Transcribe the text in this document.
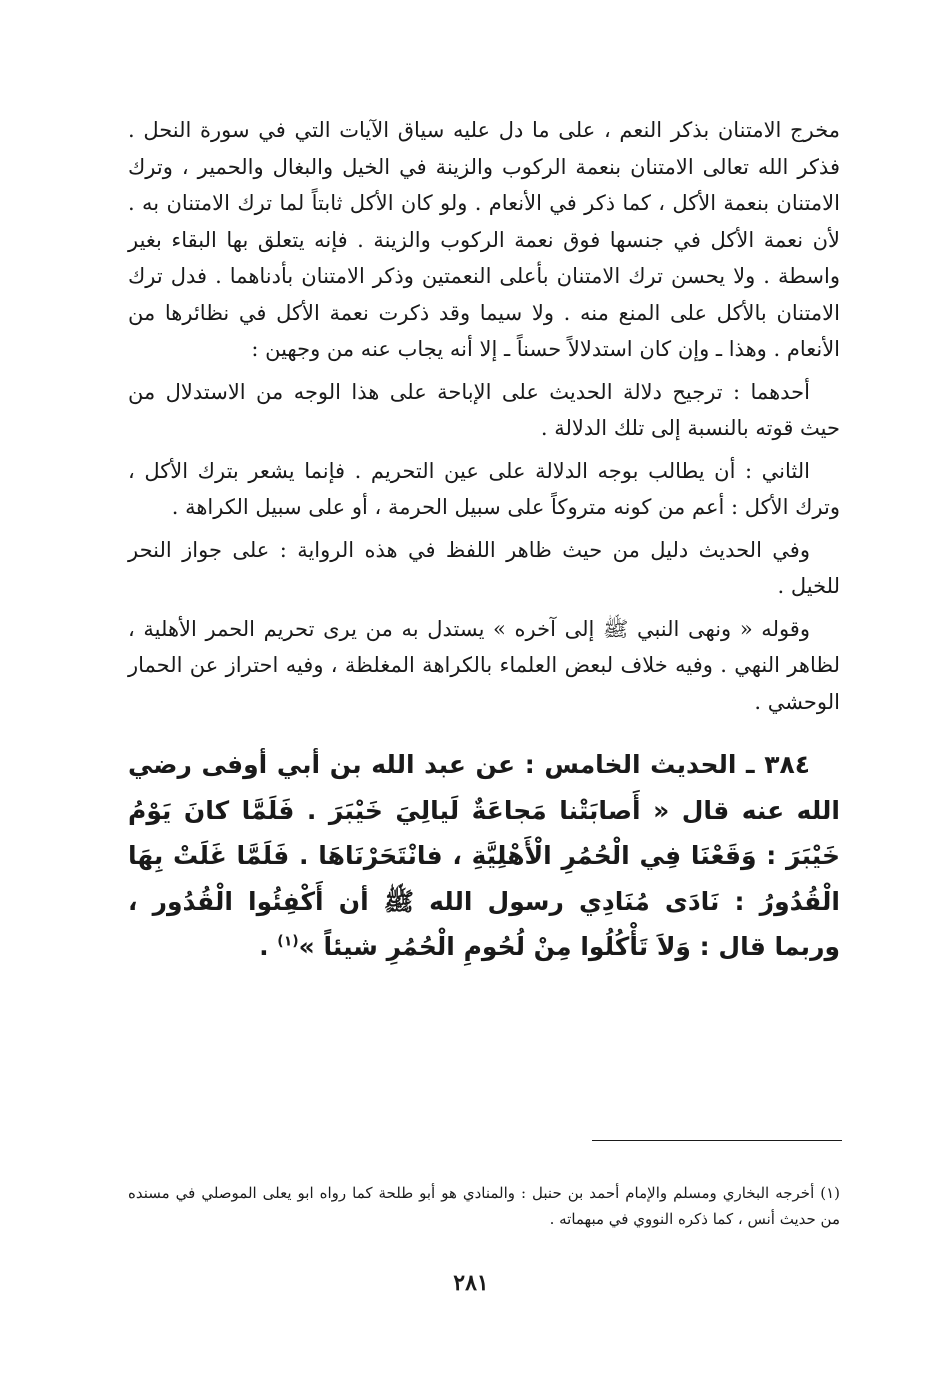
مخرج الامتنان بذكر النعم ، على ما دل عليه سياق الآيات التي في سورة النحل . فذكر الله تعالى الامتنان بنعمة الركوب والزينة في الخيل والبغال والحمير ، وترك الامتنان بنعمة الأكل ، كما ذكر في الأنعام . ولو كان الأكل ثابتاً لما ترك الامتنان به . لأن نعمة الأكل في جنسها فوق نعمة الركوب والزينة . فإنه يتعلق بها البقاء بغير واسطة . ولا يحسن ترك الامتنان بأعلى النعمتين وذكر الامتنان بأدناهما . فدل ترك الامتنان بالأكل على المنع منه . ولا سيما وقد ذكرت نعمة الأكل في نظائرها من الأنعام . وهذا ـ وإن كان استدلالاً حسناً ـ إلا أنه يجاب عنه من وجهين :

أحدهما : ترجيح دلالة الحديث على الإباحة على هذا الوجه من الاستدلال من حيث قوته بالنسبة إلى تلك الدلالة .

الثاني : أن يطالب بوجه الدلالة على عين التحريم . فإنما يشعر بترك الأكل ، وترك الأكل : أعم من كونه متروكاً على سبيل الحرمة ، أو على سبيل الكراهة .

وفي الحديث دليل من حيث ظاهر اللفظ في هذه الرواية : على جواز النحر للخيل .

وقوله « ونهى النبي ﷺ إلى آخره » يستدل به من يرى تحريم الحمر الأهلية ، لظاهر النهي . وفيه خلاف لبعض العلماء بالكراهة المغلظة ، وفيه احتراز عن الحمار الوحشي .

٣٨٤ ـ الحديث الخامس : عن عبد الله بن أبي أوفى رضي الله عنه قال « أَصابَتْنا مَجاعَةٌ لَيالِيَ خَيْبَرَ . فَلَمَّا كانَ يَوْمُ خَيْبَرَ : وَقَعْنَا فِي الْحُمُرِ الْأَهْلِيَّةِ ، فانْتَحَرْنَاهَا . فَلَمَّا غَلَتْ بِهَا الْقُدُورُ : نَادَى مُنَادِي رسول الله ﷺ أن أَكْفِئُوا الْقُدُور ، وربما قال : وَلاَ تَأْكُلُوا مِنْ لُحُومِ الْحُمُرِ شيئاً »$^{(١)}$ .

(١) أخرجه البخاري ومسلم والإمام أحمد بن حنبل : والمنادي هو أبو طلحة كما رواه ابو يعلى الموصلي في مسنده من حديث أنس ، كما ذكره النووي في مبهماته .

٢٨١
